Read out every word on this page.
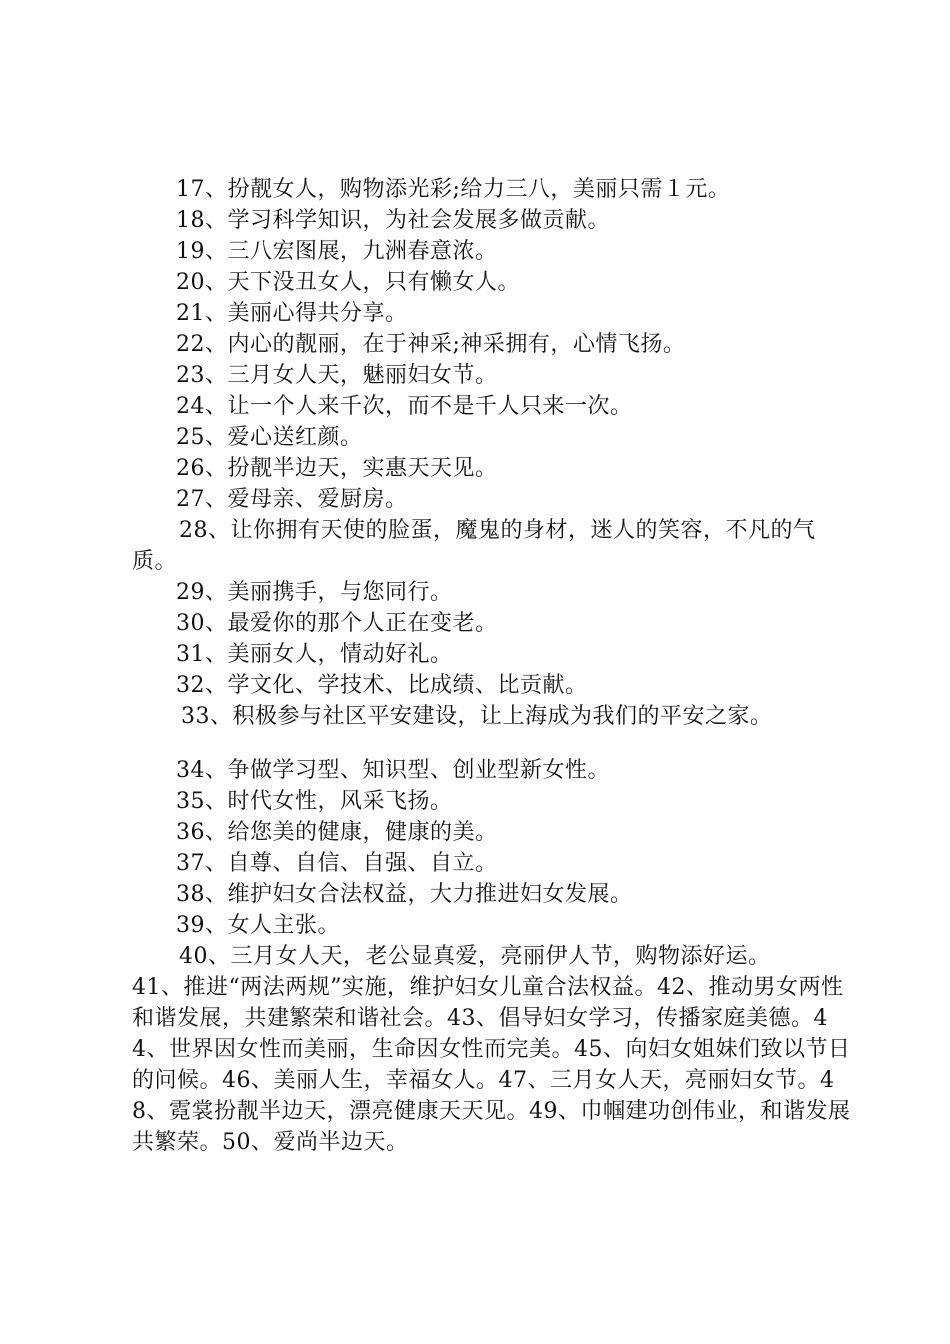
17、扮靓女人，购物添光彩;给力三八，美丽只需１元。
18、学习科学知识，为社会发展多做贡献。
19、三八宏图展，九洲春意浓。
20、天下没丑女人，只有懒女人。
21、美丽心得共分享。
22、内心的靓丽，在于神采;神采拥有，心情飞扬。
23、三月女人天，魅丽妇女节。
24、让一个人来千次，而不是千人只来一次。
25、爱心送红颜。
26、扮靓半边天，实惠天天见。
27、爱母亲、爱厨房。
28、让你拥有天使的脸蛋，魔鬼的身材，迷人的笑容，不凡的气质。
29、美丽携手，与您同行。
30、最爱你的那个人正在变老。
31、美丽女人，情动好礼。
32、学文化、学技术、比成绩、比贡献。
33、积极参与社区平安建设，让上海成为我们的平安之家。
34、争做学习型、知识型、创业型新女性。
35、时代女性，风采飞扬。
36、给您美的健康，健康的美。
37、自尊、自信、自强、自立。
38、维护妇女合法权益，大力推进妇女发展。
39、女人主张。
40、三月女人天，老公显真爱，亮丽伊人节，购物添好运。
41、推进“两法两规”实施，维护妇女儿童合法权益。42、推动男女两性和谐发展，共建繁荣和谐社会。43、倡导妇女学习，传播家庭美德。44、世界因女性而美丽，生命因女性而完美。45、向妇女姐妹们致以节日的问候。46、美丽人生，幸福女人。47、三月女人天，亮丽妇女节。48、霓裳扮靓半边天，漂亮健康天天见。49、巾帼建功创伟业，和谐发展共繁荣。50、爱尚半边天。
